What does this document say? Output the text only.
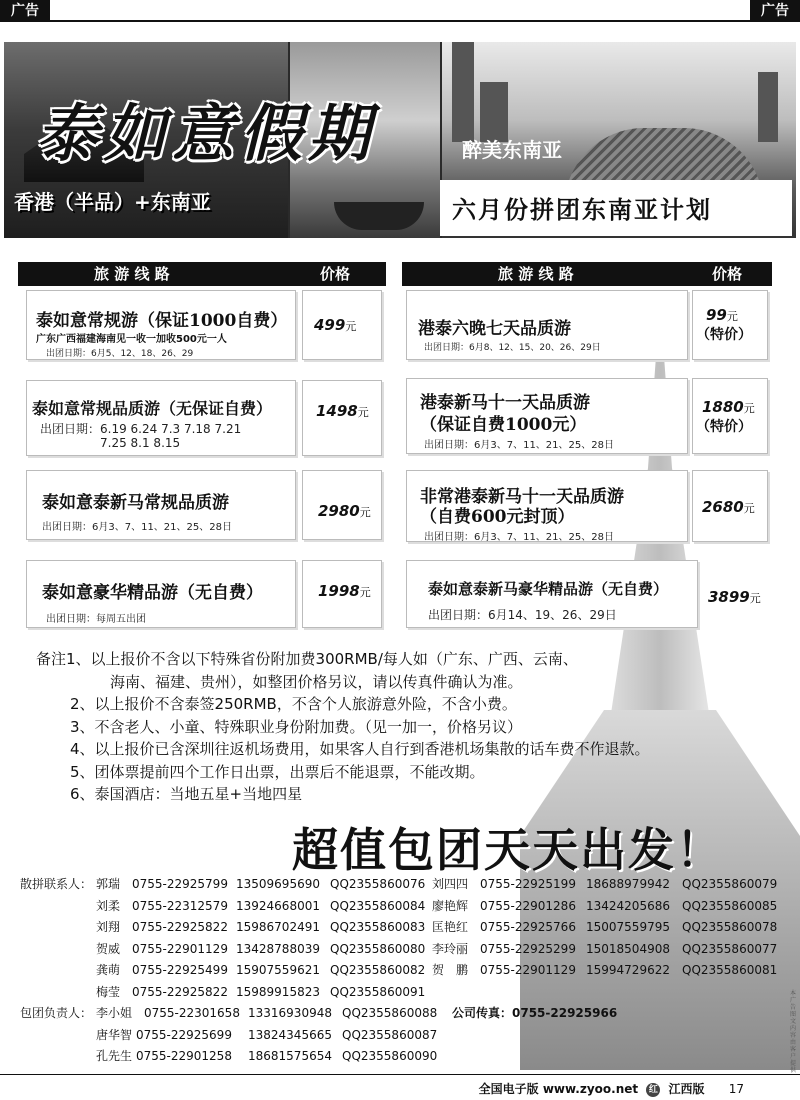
广告	广告
泰如意假期
香港（半品）+东南亚
醉美东南亚
六月份拼团东南亚计划
旅 游 线 路	价格	旅 游 线 路	价格
泰如意常规游（保证1000自费）
广东广西福建海南见一收一加收500元一人
出团日期：6月5、12、18、26、29
499元
泰如意常规品质游（无保证自费）
出团日期：6.19 6.24 7.3 7.18 7.21
7.25 8.1 8.15
1498元
泰如意泰新马常规品质游
出团日期：6月3、7、11、21、25、28日
2980元
泰如意豪华精品游（无自费）
出团日期：每周五出团
1998元
港泰六晚七天品质游
出团日期：6月8、12、15、20、26、29日
99元
（特价）
港泰新马十一天品质游
（保证自费1000元）
出团日期：6月3、7、11、21、25、28日
1880元
（特价）
非常港泰新马十一天品质游
（自费600元封顶）
出团日期：6月3、7、11、21、25、28日
2680元
泰如意泰新马豪华精品游（无自费）
出团日期：6月14、19、26、29日
3899元
备注1、以上报价不含以下特殊省份附加费300RMB/每人如（广东、广西、云南、
海南、福建、贵州），如整团价格另议，请以传真件确认为准。
2、以上报价不含泰签250RMB，不含个人旅游意外险，不含小费。
3、不含老人、小童、特殊职业身份附加费。（见一加一，价格另议）
4、以上报价已含深圳往返机场费用，如果客人自行到香港机场集散的话车费不作退款。
5、团体票提前四个工作日出票，出票后不能退票，不能改期。
6、泰国酒店：当地五星+当地四星
超值包团天天出发！
散拼联系人： 郭瑞 0755-22925799 13509695690 QQ2355860076 刘四四 0755-22925199 18688979942 QQ2355860079
刘柔 0755-22312579 13924668001 QQ2355860084 廖艳辉 0755-22901286 13424205686 QQ2355860085
刘翔 0755-22925822 15986702491 QQ2355860083 匡艳红 0755-22925766 15007559795 QQ2355860078
贺威 0755-22901129 13428788039 QQ2355860080 李玲丽 0755-22925299 15018504908 QQ2355860077
龚萌 0755-22925499 15907559621 QQ2355860082 贺　鹏 0755-22901129 15994729622 QQ2355860081
梅莹 0755-22925822 15989915823 QQ2355860091
包团负责人： 李小姐 0755-22301658 13316930948 QQ2355860088 公司传真：0755-22925966
唐华智 0755-22925699 13824345665 QQ2355860087
孔先生 0755-22901258 18681575654 QQ2355860090
本广告图文内容由客户提供
全国电子版 www.zyoo.net 红 江西版 17
